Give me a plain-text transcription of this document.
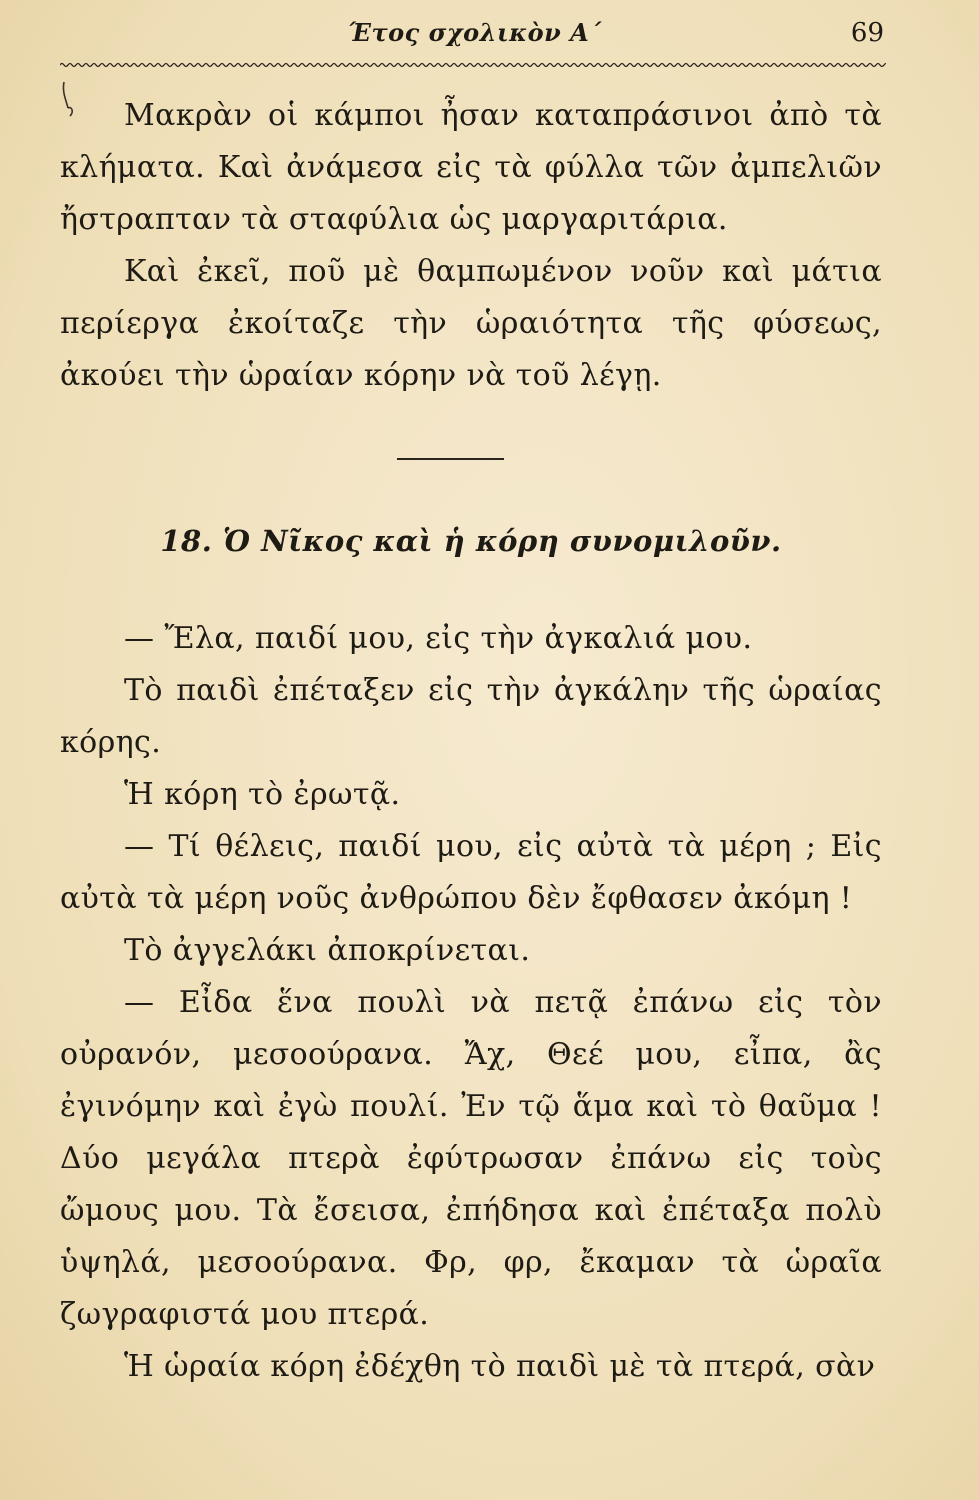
Έτος σχολικὸν Α΄	69

Μακρὰν οἱ κάμποι ἦσαν καταπράσινοι ἀπὸ τὰ κλήματα. Καὶ ἀνάμεσα εἰς τὰ φύλλα τῶν ἀμπελιῶν ἤστραπταν τὰ σταφύλια ὡς μαργαριτάρια.

Καὶ ἐκεῖ, ποῦ μὲ θαμπωμένον νοῦν καὶ μάτια περίεργα ἐκοίταζε τὴν ὡραιότητα τῆς φύσεως, ἀκούει τὴν ὡραίαν κόρην νὰ τοῦ λέγῃ.

18. Ὁ Νῖκος καὶ ἡ κόρη συνομιλοῦν.

— Ἔλα, παιδί μου, εἰς τὴν ἀγκαλιά μου.

Τὸ παιδὶ ἐπέταξεν εἰς τὴν ἀγκάλην τῆς ὡραίας κόρης.

Ἡ κόρη τὸ ἐρωτᾷ.

— Τί θέλεις, παιδί μου, εἰς αὐτὰ τὰ μέρη ; Εἰς αὐτὰ τὰ μέρη νοῦς ἀνθρώπου δὲν ἔφθασεν ἀκόμη !

Τὸ ἀγγελάκι ἀποκρίνεται.

— Εἶδα ἕνα πουλὶ νὰ πετᾷ ἐπάνω εἰς τὸν οὐρανόν, μεσοούρανα. Ἄχ, Θεέ μου, εἶπα, ἂς ἐγινόμην καὶ ἐγὼ πουλί. Ἐν τῷ ἅμα καὶ τὸ θαῦμα ! Δύο μεγάλα πτερὰ ἐφύτρωσαν ἐπάνω εἰς τοὺς ὤμους μου. Τὰ ἔσεισα, ἐπήδησα καὶ ἐπέταξα πολὺ ὑψηλά, μεσοούρανα. Φρ, φρ, ἔκαμαν τὰ ὡραῖα ζωγραφιστά μου πτερά.

Ἡ ὡραία κόρη ἐδέχθη τὸ παιδὶ μὲ τὰ πτερά, σὰν
